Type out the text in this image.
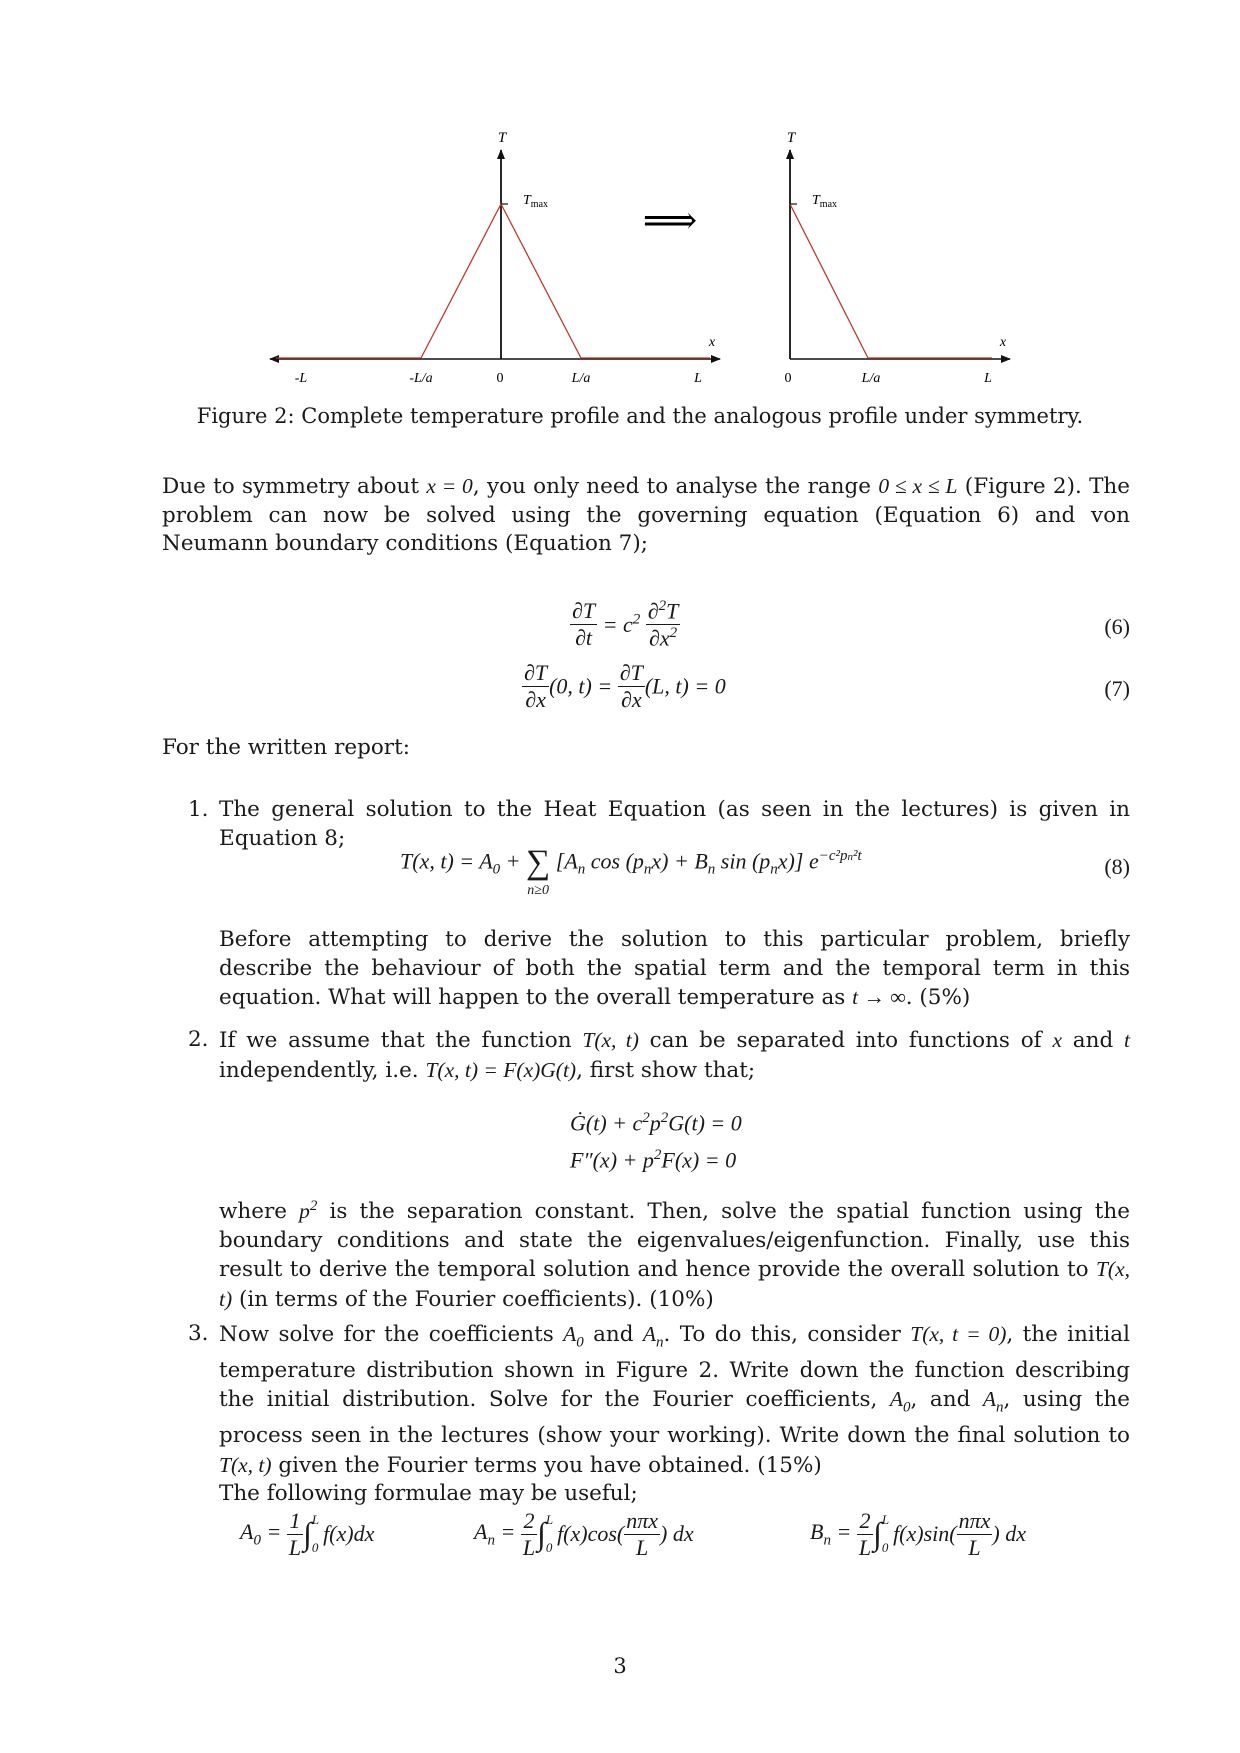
T
$T_{max}$
x
-L	-L/a	0	L/a	L
⟹
T
$T_{max}$
x
0	L/a	L
Figure 2: Complete temperature profile and the analogous profile under symmetry.
Due to symmetry about x = 0, you only need to analyse the range 0 ≤ x ≤ L (Figure 2). The problem can now be solved using the governing equation (Equation 6) and von Neumann boundary conditions (Equation 7);
$\frac{\partial T}{\partial t} = c^2 \frac{\partial^2T}{\partial x^2}$	(6)
$\frac{\partial T}{\partial x} (0$, $t) = \frac{\partial T}{\partial x} (L$, t) = 0	(7)
For the written report:
1. The general solution to the Heat Equation (as seen in the lectures) is given in Equation 8;
T(x, $t) = A_0$ + ∑
$^{n\ge 0}$ [$A_n$ $\cos (p_nx) + B_n$ $\sin (p_nx)$] $e^{-c^2pn^2t}$	(8)
Before attempting to derive the solution to this particular problem, briefly describe the behaviour of both the spatial term and the temporal term in this equation. What will happen to the overall temperature as t → ∞. (5%)
2. If we assume that the function T(x, t) can be separated into functions of x and t independently, i.e. T(x, t) = F(x)G(t), first show that;
Ġ(t) + $c^2p^2G(t) = 0$
$F''(x) + p^2F(x) = 0$
where $p^2$ is the separation constant. Then, solve the spatial function using the boundary conditions and state the eigenvalues/eigenfunction. Finally, use this result to derive the temporal solution and hence provide the overall solution to T(x, t) (in terms of the Fourier coefficients). (10%)
3. Now solve for the coefficients $A_0$ and $A_n$. To do this, consider T(x, t = 0), the initial temperature distribution shown in Figure 2. Write down the function describing the initial distribution. Solve for the Fourier coefficients, $A_0$, and $A_n$, using the process seen in the lectures (show your working). Write down the final solution to T(x, t) given the Fourier terms you have obtained. (15%)
The following formulae may be useful;
$A_0 = \frac{1}{L} \int L$
0f(x)dx	$A_n = \frac{2}{L} \int L$
$0f(x)\cos( \frac{\text{nπx}}{L}$ ) dx	$B_n = \frac{2}{L} \int L$
$0f(x)\sin( \frac{\text{nπx}}{L}$ ) dx
3
